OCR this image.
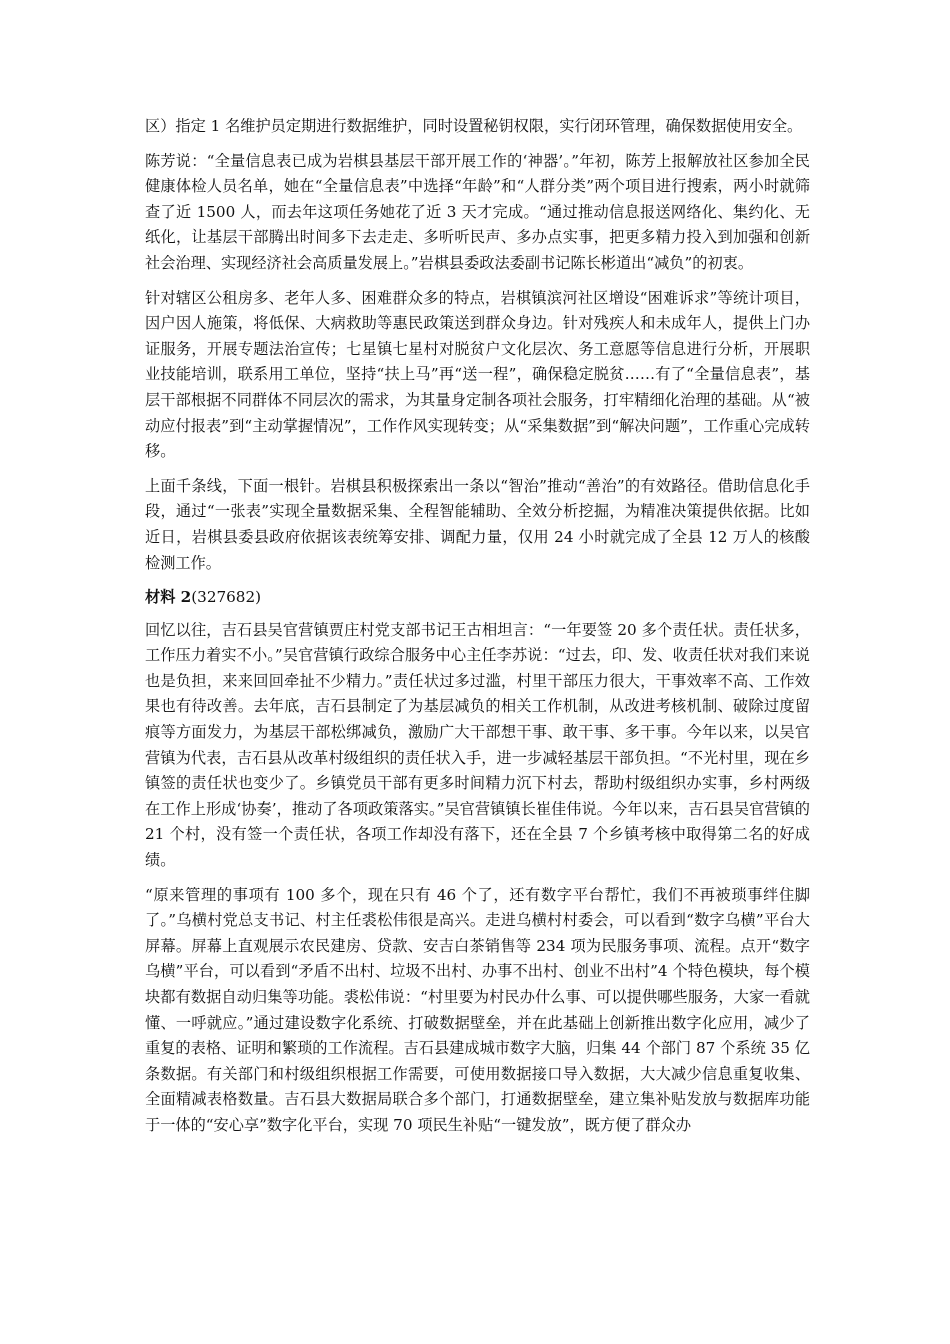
区）指定 1 名维护员定期进行数据维护，同时设置秘钥权限，实行闭环管理，确保数据使用安全。

陈芳说：“全量信息表已成为岩棋县基层干部开展工作的‘神器’。”年初，陈芳上报解放社区参加全民健康体检人员名单，她在“全量信息表”中选择“年龄”和“人群分类”两个项目进行搜索，两小时就筛查了近 1500 人，而去年这项任务她花了近 3 天才完成。“通过推动信息报送网络化、集约化、无纸化，让基层干部腾出时间多下去走走、多听听民声、多办点实事，把更多精力投入到加强和创新社会治理、实现经济社会高质量发展上。”岩棋县委政法委副书记陈长彬道出“减负”的初衷。

针对辖区公租房多、老年人多、困难群众多的特点，岩棋镇滨河社区增设“困难诉求”等统计项目，因户因人施策，将低保、大病救助等惠民政策送到群众身边。针对残疾人和未成年人，提供上门办证服务，开展专题法治宣传；七星镇七星村对脱贫户文化层次、务工意愿等信息进行分析，开展职业技能培训，联系用工单位，坚持“扶上马”再“送一程”，确保稳定脱贫……有了“全量信息表”，基层干部根据不同群体不同层次的需求，为其量身定制各项社会服务，打牢精细化治理的基础。从“被动应付报表”到“主动掌握情况”，工作作风实现转变；从“采集数据”到“解决问题”，工作重心完成转移。

上面千条线，下面一根针。岩棋县积极探索出一条以“智治”推动“善治”的有效路径。借助信息化手段，通过“一张表”实现全量数据采集、全程智能辅助、全效分析挖掘，为精准决策提供依据。比如近日，岩棋县委县政府依据该表统筹安排、调配力量，仅用 24 小时就完成了全县 12 万人的核酸检测工作。

材料 2(327682)

回忆以往，吉石县吴官营镇贾庄村党支部书记王古相坦言：“一年要签 20 多个责任状。责任状多，工作压力着实不小。”吴官营镇行政综合服务中心主任李苏说：“过去，印、发、收责任状对我们来说也是负担，来来回回牵扯不少精力。”责任状过多过滥，村里干部压力很大，干事效率不高、工作效果也有待改善。去年底，吉石县制定了为基层减负的相关工作机制，从改进考核机制、破除过度留痕等方面发力，为基层干部松绑减负，激励广大干部想干事、敢干事、多干事。今年以来，以吴官营镇为代表，吉石县从改革村级组织的责任状入手，进一步减轻基层干部负担。“不光村里，现在乡镇签的责任状也变少了。乡镇党员干部有更多时间精力沉下村去，帮助村级组织办实事，乡村两级在工作上形成‘协奏’，推动了各项政策落实。”吴官营镇镇长崔佳伟说。今年以来，吉石县吴官营镇的 21 个村，没有签一个责任状，各项工作却没有落下，还在全县 7 个乡镇考核中取得第二名的好成绩。

“原来管理的事项有 100 多个，现在只有 46 个了，还有数字平台帮忙，我们不再被琐事绊住脚了。”乌横村党总支书记、村主任裘松伟很是高兴。走进乌横村村委会，可以看到“数字乌横”平台大屏幕。屏幕上直观展示农民建房、贷款、安吉白茶销售等 234 项为民服务事项、流程。点开“数字乌横”平台，可以看到“矛盾不出村、垃圾不出村、办事不出村、创业不出村”4 个特色模块，每个模块都有数据自动归集等功能。裘松伟说：“村里要为村民办什么事、可以提供哪些服务，大家一看就懂、一呼就应。”通过建设数字化系统、打破数据壁垒，并在此基础上创新推出数字化应用，减少了重复的表格、证明和繁琐的工作流程。吉石县建成城市数字大脑，归集 44 个部门 87 个系统 35 亿条数据。有关部门和村级组织根据工作需要，可使用数据接口导入数据，大大减少信息重复收集、全面精减表格数量。吉石县大数据局联合多个部门，打通数据壁垒，建立集补贴发放与数据库功能于一体的“安心享”数字化平台，实现 70 项民生补贴“一键发放”，既方便了群众办
